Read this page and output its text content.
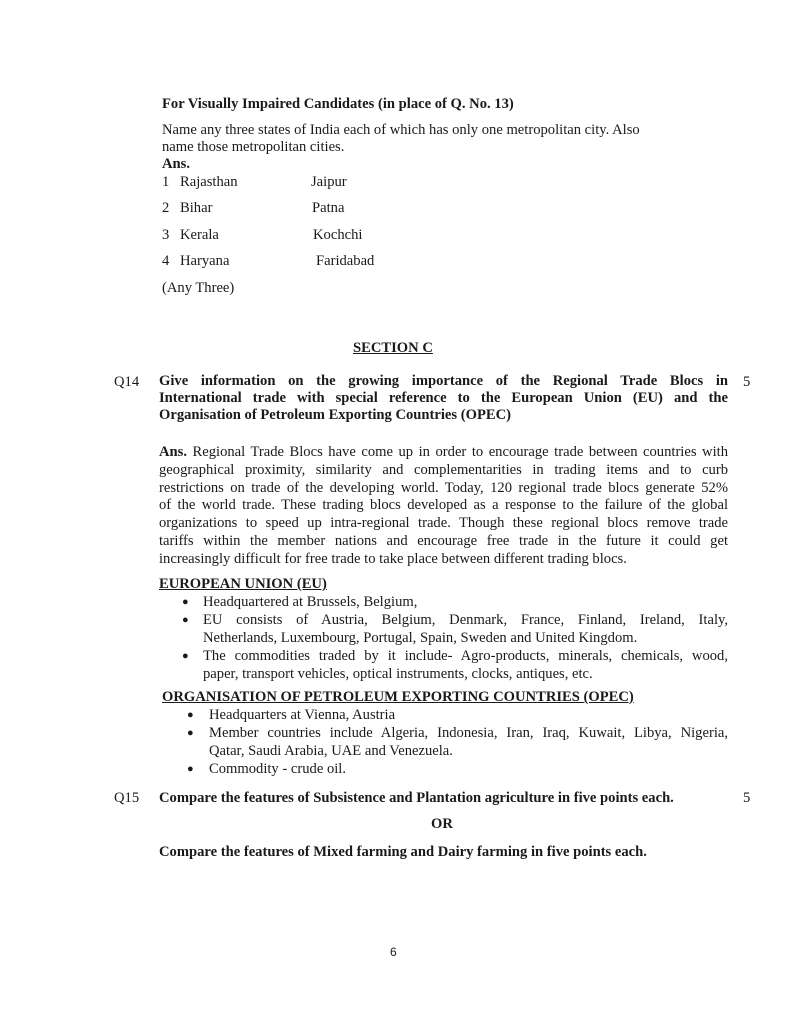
For Visually Impaired Candidates (in place of Q. No. 13)
Name any three states of India each of which has only one metropolitan city. Also
name those metropolitan cities.
Ans.
1 Rajasthan	Jaipur
2 Bihar	Patna
3 Kerala	Kochchi
4 Haryana	Faridabad
(Any Three)
SECTION C
Q14	5
Give information on the growing importance of the Regional Trade Blocs in
International trade with special reference to the European Union (EU) and the
Organisation of Petroleum Exporting Countries (OPEC)
Ans. Regional Trade Blocs have come up in order to encourage trade between countries with
geographical proximity, similarity and complementarities in trading items and to curb
restrictions on trade of the developing world. Today, 120 regional trade blocs generate 52%
of the world trade. These trading blocs developed as a response to the failure of the global
organizations to speed up intra-regional trade. Though these regional blocs remove trade
tariffs within the member nations and encourage free trade in the future it could get
increasingly difficult for free trade to take place between different trading blocs.
EUROPEAN UNION (EU)
● Headquartered at Brussels, Belgium,
● EU consists of Austria, Belgium, Denmark, France, Finland, Ireland, Italy,
Netherlands, Luxembourg, Portugal, Spain, Sweden and United Kingdom.
● The commodities traded by it include- Agro-products, minerals, chemicals, wood,
paper, transport vehicles, optical instruments, clocks, antiques, etc.
ORGANISATION OF PETROLEUM EXPORTING COUNTRIES (OPEC)
● Headquarters at Vienna, Austria
● Member countries include Algeria, Indonesia, Iran, Iraq, Kuwait, Libya, Nigeria,
Qatar, Saudi Arabia, UAE and Venezuela.
● Commodity - crude oil.
Q15 Compare the features of Subsistence and Plantation agriculture in five points each.	5
OR
Compare the features of Mixed farming and Dairy farming in five points each.
6
